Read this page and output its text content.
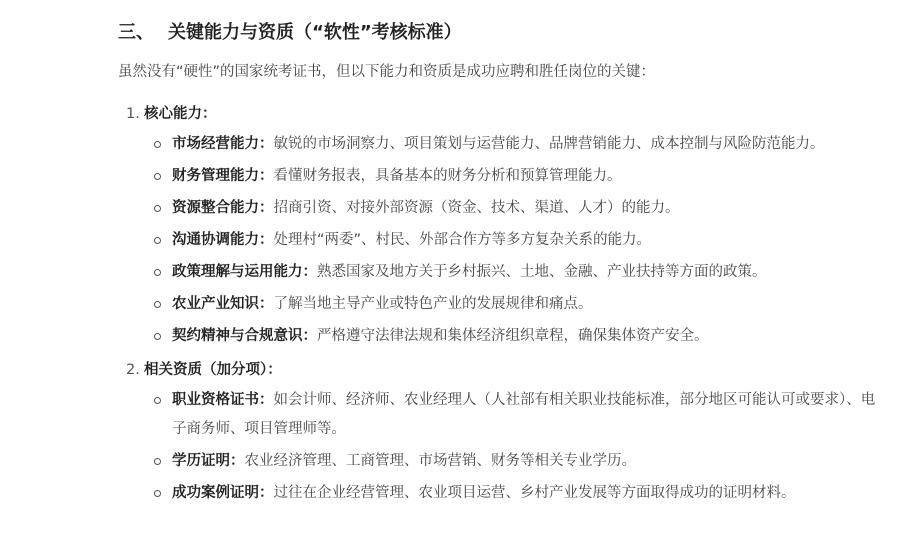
三、 关键能力与资质（“软性”考核标准）

虽然没有“硬性”的国家统考证书，但以下能力和资质是成功应聘和胜任岗位的关键：

1. 核心能力：
市场经营能力：敏锐的市场洞察力、项目策划与运营能力、品牌营销能力、成本控制与风险防范能力。
财务管理能力：看懂财务报表，具备基本的财务分析和预算管理能力。
资源整合能力：招商引资、对接外部资源（资金、技术、渠道、人才）的能力。
沟通协调能力：处理村“两委”、村民、外部合作方等多方复杂关系的能力。
政策理解与运用能力：熟悉国家及地方关于乡村振兴、土地、金融、产业扶持等方面的政策。
农业产业知识：了解当地主导产业或特色产业的发展规律和痛点。
契约精神与合规意识：严格遵守法律法规和集体经济组织章程，确保集体资产安全。
2. 相关资质（加分项）：
职业资格证书：如会计师、经济师、农业经理人（人社部有相关职业技能标准，部分地区可能认可或要求）、电子商务师、项目管理师等。
学历证明：农业经济管理、工商管理、市场营销、财务等相关专业学历。
成功案例证明：过往在企业经营管理、农业项目运营、乡村产业发展等方面取得成功的证明材料。
